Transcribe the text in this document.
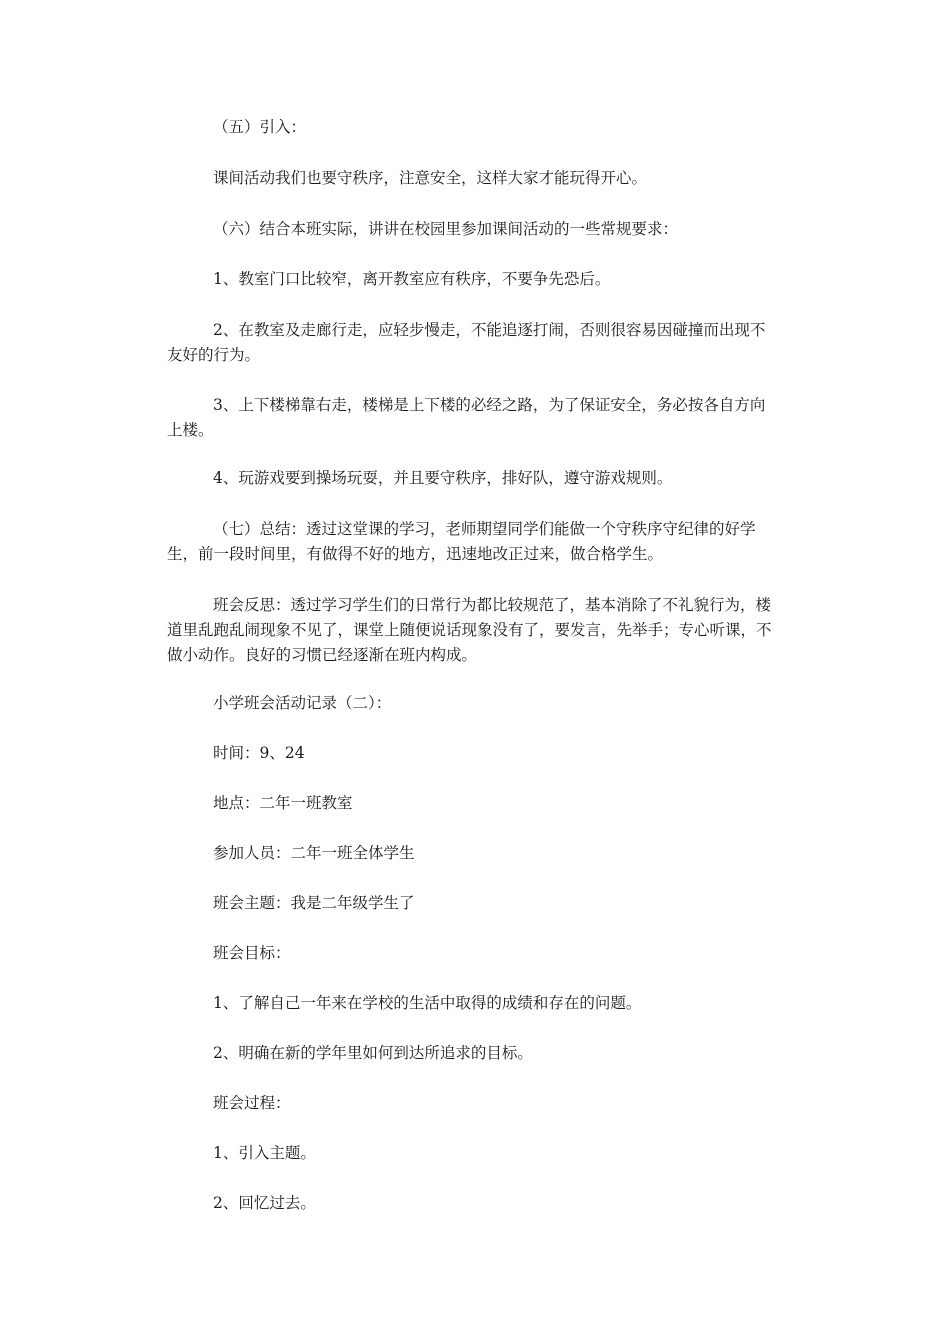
（五）引入：

课间活动我们也要守秩序，注意安全，这样大家才能玩得开心。

（六）结合本班实际，讲讲在校园里参加课间活动的一些常规要求：

1、教室门口比较窄，离开教室应有秩序，不要争先恐后。

2、在教室及走廊行走，应轻步慢走，不能追逐打闹，否则很容易因碰撞而出现不友好的行为。

3、上下楼梯靠右走，楼梯是上下楼的必经之路，为了保证安全，务必按各自方向上楼。

4、玩游戏要到操场玩耍，并且要守秩序，排好队，遵守游戏规则。

（七）总结：透过这堂课的学习，老师期望同学们能做一个守秩序守纪律的好学生，前一段时间里，有做得不好的地方，迅速地改正过来，做合格学生。

班会反思：透过学习学生们的日常行为都比较规范了，基本消除了不礼貌行为，楼道里乱跑乱闹现象不见了，课堂上随便说话现象没有了，要发言，先举手；专心听课，不做小动作。良好的习惯已经逐渐在班内构成。

小学班会活动记录（二）：

时间：9、24

地点：二年一班教室

参加人员：二年一班全体学生

班会主题：我是二年级学生了

班会目标：

1、了解自己一年来在学校的生活中取得的成绩和存在的问题。

2、明确在新的学年里如何到达所追求的目标。

班会过程：

1、引入主题。

2、回忆过去。
